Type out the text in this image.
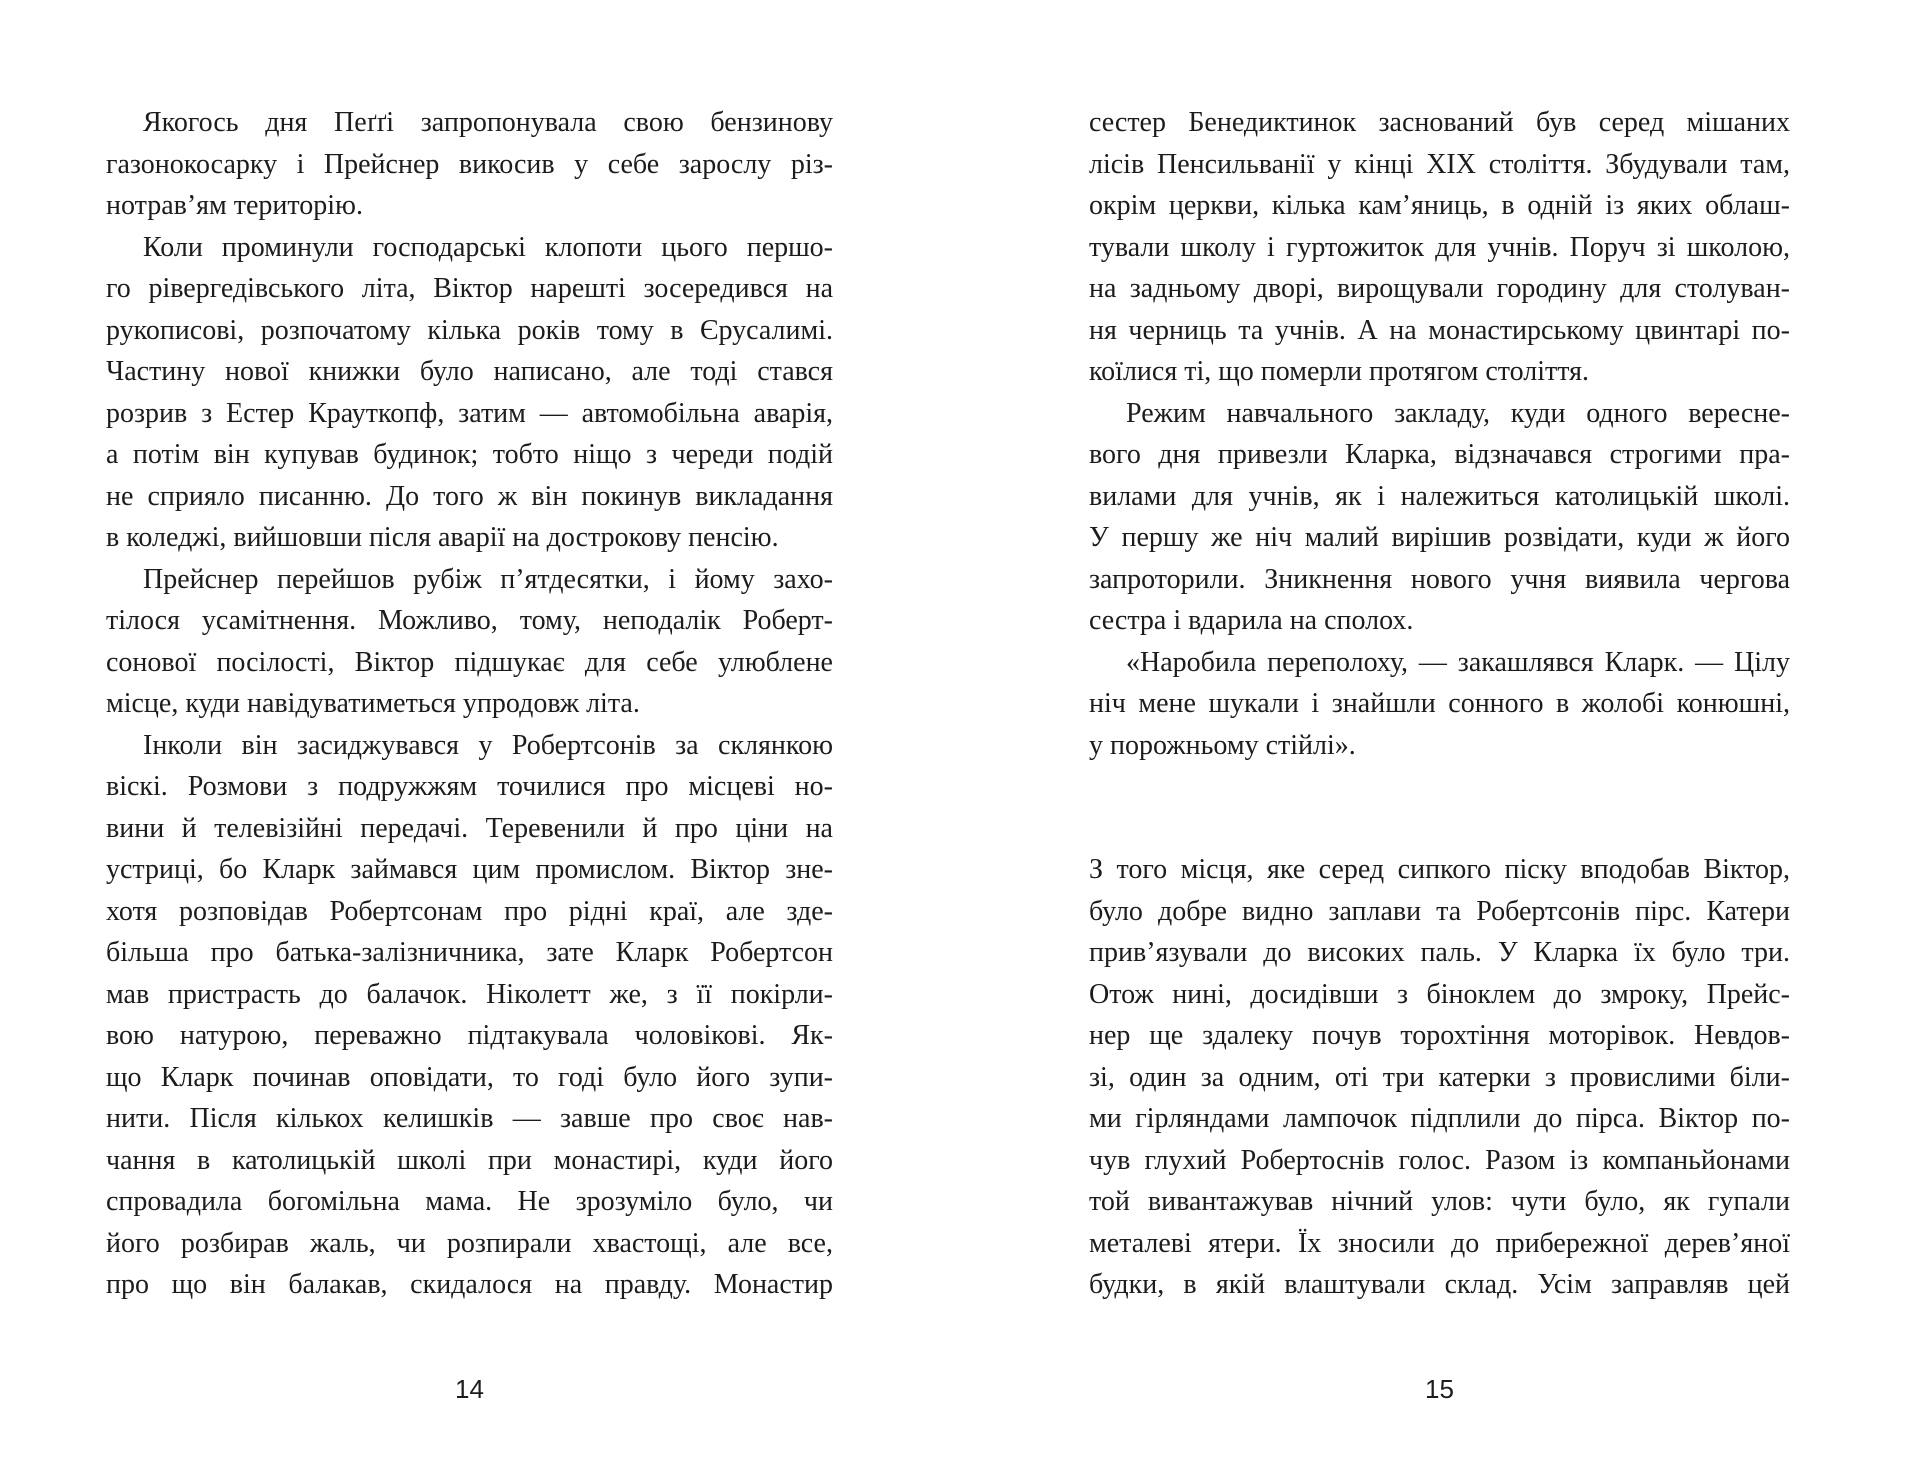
Якогось дня Пеґґі запропонувала свою бензинову
газонокосарку і Прейснер викосив у себе зарослу різ-
нотрав’ям територію.
Коли проминули господарські клопоти цього першо-
го рівергедівського літа, Віктор нарешті зосередився на
рукописові, розпочатому кілька років тому в Єрусалимі.
Частину нової книжки було написано, але тоді стався
розрив з Естер Крауткопф, затим — автомобільна аварія,
а потім він купував будинок; тобто ніщо з череди подій
не сприяло писанню. До того ж він покинув викладання
в коледжі, вийшовши після аварії на дострокову пенсію.
Прейснер перейшов рубіж п’ятдесятки, і йому захо-
тілося усамітнення. Можливо, тому, неподалік Роберт-
сонової посілості, Віктор підшукає для себе улюблене
місце, куди навідуватиметься упродовж літа.
Інколи він засиджувався у Робертсонів за склянкою
віскі. Розмови з подружжям точилися про місцеві но-
вини й телевізійні передачі. Теревенили й про ціни на
устриці, бо Кларк займався цим промислом. Віктор зне-
хотя розповідав Робертсонам про рідні краї, але зде-
більша про батька-залізничника, зате Кларк Робертсон
мав пристрасть до балачок. Ніколетт же, з її покірли-
вою натурою, переважно підтакувала чоловікові. Як-
що Кларк починав оповідати, то годі було його зупи-
нити. Після кількох келишків — завше про своє нав-
чання в католицькій школі при монастирі, куди його
спровадила богомільна мама. Не зрозуміло було, чи
його розбирав жаль, чи розпирали хвастощі, але все,
про що він балакав, скидалося на правду. Монастир
сестер Бенедиктинок заснований був серед мішаних
лісів Пенсильванії у кінці XIX століття. Збудували там,
окрім церкви, кілька кам’яниць, в одній із яких облаш-
тували школу і гуртожиток для учнів. Поруч зі школою,
на задньому дворі, вирощували городину для столуван-
ня черниць та учнів. А на монастирському цвинтарі по-
коїлися ті, що померли протягом століття.
Режим навчального закладу, куди одного вересне-
вого дня привезли Кларка, відзначався строгими пра-
вилами для учнів, як і належиться католицькій школі.
У першу же ніч малий вирішив розвідати, куди ж його
запроторили. Зникнення нового учня виявила чергова
сестра і вдарила на сполох.
«Наробила переполоху, — закашлявся Кларк. — Цілу
ніч мене шукали і знайшли сонного в жолобі конюшні,
у порожньому стійлі».
З того місця, яке серед сипкого піску вподобав Віктор,
було добре видно заплави та Робертсонів пірс. Катери
прив’язували до високих паль. У Кларка їх було три.
Отож нині, досидівши з біноклем до змроку, Прейс-
нер ще здалеку почув торохтіння моторівок. Невдов-
зі, один за одним, оті три катерки з провислими біли-
ми гірляндами лампочок підплили до пірса. Віктор по-
чув глухий Робертоснів голос. Разом із компаньйонами
той вивантажував нічний улов: чути було, як гупали
металеві ятери. Їх зносили до прибережної дерев’яної
будки, в якій влаштували склад. Усім заправляв цей
14	15
